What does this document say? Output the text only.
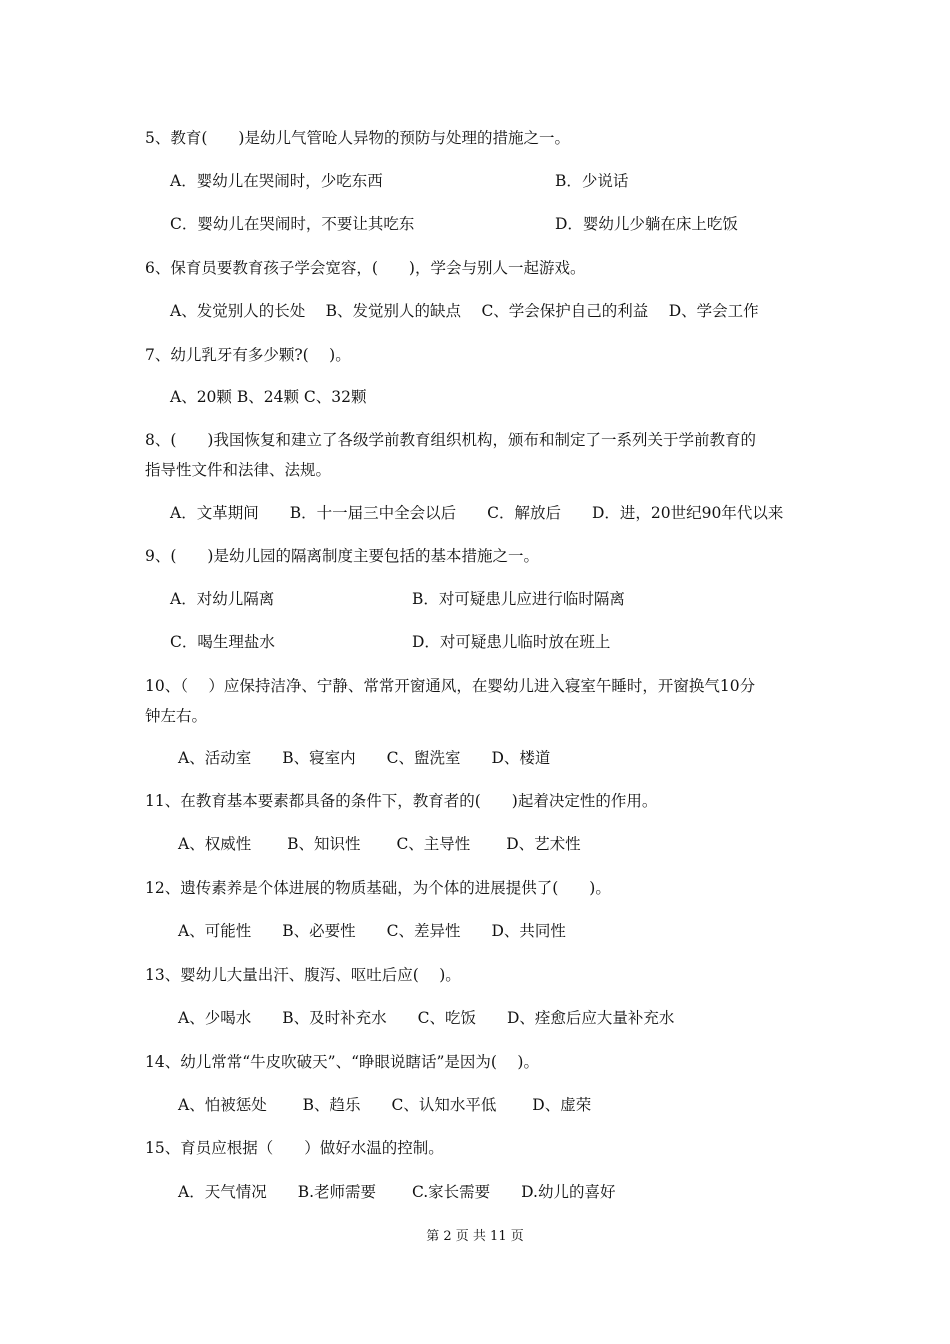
5、教育(　　)是幼儿气管呛人异物的预防与处理的措施之一。
A．婴幼儿在哭闹时，少吃东西	B．少说话
C．婴幼儿在哭闹时，不要让其吃东	D．婴幼儿少躺在床上吃饭
6、保育员要教育孩子学会宽容，(　　)，学会与别人一起游戏。
A、发觉别人的长处　 B、发觉别人的缺点　 C、学会保护自己的利益　 D、学会工作
7、幼儿乳牙有多少颗?(　 )。
A、20颗 B、24颗 C、32颗
8、(　　)我国恢复和建立了各级学前教育组织机构，颁布和制定了一系列关于学前教育的
指导性文件和法律、法规。
A．文革期间　　B．十一届三中全会以后　　C．解放后　　D．进，20世纪90年代以来
9、(　　)是幼儿园的隔离制度主要包括的基本措施之一。
A．对幼儿隔离	B．对可疑患儿应进行临时隔离
C．喝生理盐水	D．对可疑患儿临时放在班上
10、（　 ）应保持洁净、宁静、常常开窗通风，在婴幼儿进入寝室午睡时，开窗换气10分
钟左右。
A、活动室　　B、寝室内　　C、盥洗室　　D、楼道
11、在教育基本要素都具备的条件下，教育者的(　　)起着决定性的作用。
A、权威性　　 B、知识性　　 C、主导性　　 D、艺术性
12、遗传素养是个体进展的物质基础，为个体的进展提供了(　　)。
A、可能性　　B、必要性　　C、差异性　　D、共同性
13、婴幼儿大量出汗、腹泻、呕吐后应(　 )。
A、少喝水　　B、及时补充水　　C、吃饭　　D、痊愈后应大量补充水
14、幼儿常常“牛皮吹破天”、“睁眼说瞎话”是因为(　 )。
A、怕被惩处　　 B、趋乐　　C、认知水平低　　 D、虚荣
15、育员应根据（　　）做好水温的控制。
A．天气情况　　B.老师需要　　 C.家长需要　　D.幼儿的喜好
第 2 页 共 11 页
